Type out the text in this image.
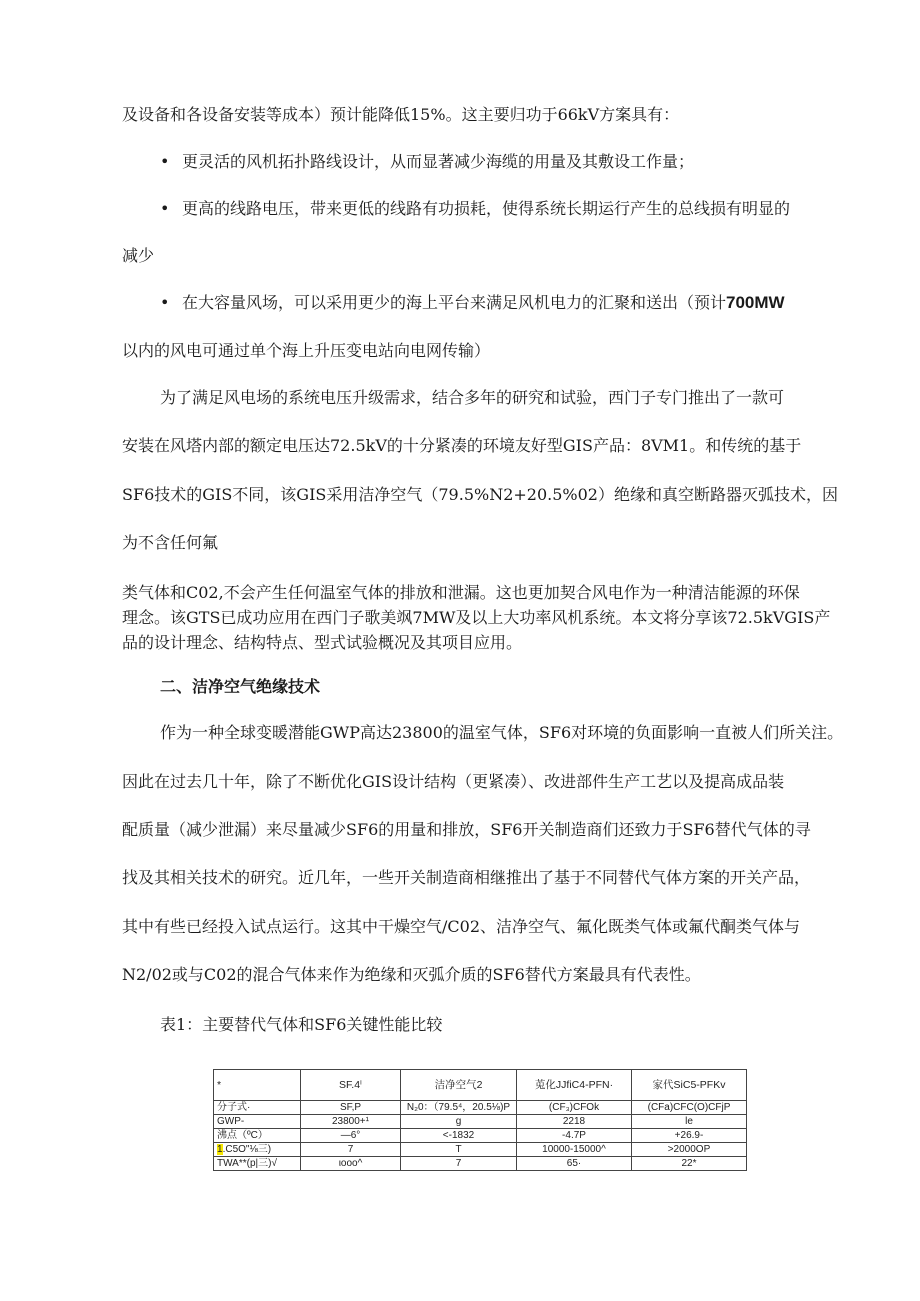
及设备和各设备安装等成本）预计能降低15%。这主要归功于66kV方案具有：
• 更灵活的风机拓扑路线设计，从而显著减少海缆的用量及其敷设工作量；
• 更高的线路电压，带来更低的线路有功损耗，使得系统长期运行产生的总线损有明显的
减少
• 在大容量风场，可以采用更少的海上平台来满足风机电力的汇聚和送出（预计700MW
以内的风电可通过单个海上升压变电站向电网传输）
为了满足风电场的系统电压升级需求，结合多年的研究和试验，西门子专门推出了一款可
安装在风塔内部的额定电压达72.5kV的十分紧凑的环境友好型GIS产品：8VM1。和传统的基于
SF6技术的GIS不同，该GIS采用洁净空气（79.5%N2+20.5%02）绝缘和真空断路器灭弧技术，因
为不含任何氟
类气体和C02,不会产生任何温室气体的排放和泄漏。这也更加契合风电作为一种清洁能源的环保
理念。该GTS已成功应用在西门子歌美飒7MW及以上大功率风机系统。本文将分享该72.5kVGIS产
品的设计理念、结构特点、型式试验概况及其项目应用。
二、洁净空气绝缘技术
作为一种全球变暖潜能GWP高达23800的温室气体，SF6对环境的负面影响一直被人们所关注。
因此在过去几十年，除了不断优化GIS设计结构（更紧凑）、改进部件生产工艺以及提高成品装
配质量（减少泄漏）来尽量减少SF6的用量和排放，SF6开关制造商们还致力于SF6替代气体的寻
找及其相关技术的研究。近几年，一些开关制造商相继推出了基于不同替代气体方案的开关产品，
其中有些已经投入试点运行。这其中干燥空气/C02、洁净空气、氟化既类气体或氟代酮类气体与
N2/02或与C02的混合气体来作为绝缘和灭弧介质的SF6替代方案最具有代表性。
表1：主要替代气体和SF6关键性能比较
*	SF.4ⁱ	洁净空气2	莵化JJfiC4-PFN·	家代SiC5-PFKv
分子式·	SF,P	N₂0：（79.5⁴，20.5⅛)P	(CF₃)CFOk	(CFa)CFC(O)CFjP
GWP-	23800+¹	g	2218	le
沸点（ºC）	—6°	<-1832	-4.7P	+26.9-
1.C5O"⅛三)	7	T	10000-15000^	>2000OP
TWA**(p|三)√	ιooo^	7	65·	22*
